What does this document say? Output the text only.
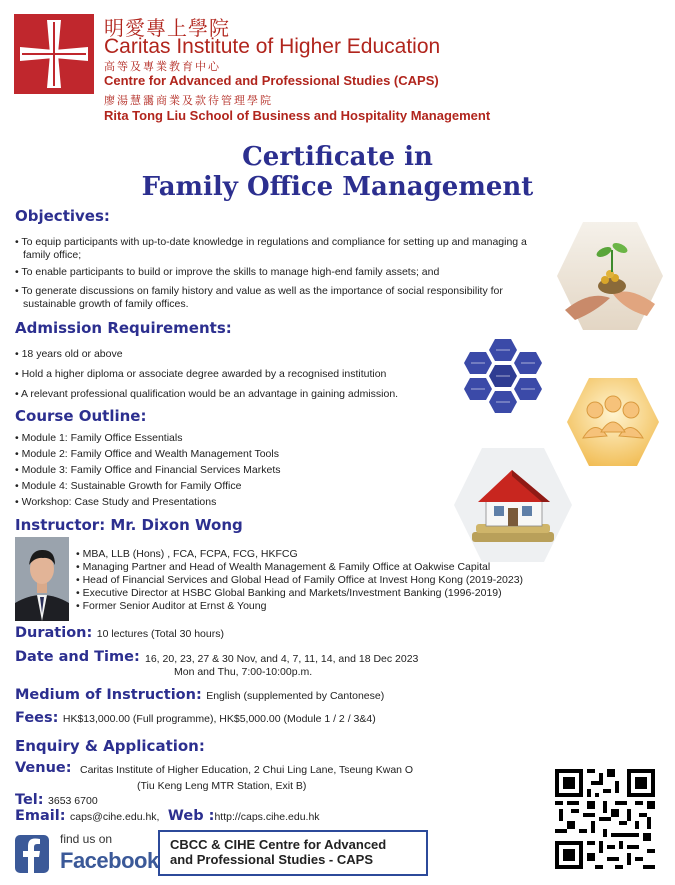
明愛專上學院
Caritas Institute of Higher Education
高等及專業教育中心
Centre for Advanced and Professional Studies (CAPS)
廖湯慧靄商業及款待管理學院
Rita Tong Liu School of Business and Hospitality Management
Certificate in
Family Office Management
Objectives:
• To equip participants with up-to-date knowledge in regulations and compliance for setting up and managing a family office;
• To enable participants to build or improve the skills to manage high-end family assets; and
• To generate discussions on family history and value as well as the importance of social responsibility for sustainable growth of family offices.
Admission Requirements:
• 18 years old or above
• Hold a higher diploma or associate degree awarded by a recognised institution
• A relevant professional qualification would be an advantage in gaining admission.
Course Outline:
• Module 1: Family Office Essentials
• Module 2: Family Office and Wealth Management Tools
• Module 3: Family Office and Financial Services Markets
• Module 4: Sustainable Growth for Family Office
• Workshop: Case Study and Presentations
Instructor: Mr. Dixon Wong
• MBA, LLB (Hons) , FCA, FCPA, FCG, HKFCG
• Managing Partner and Head of Wealth Management & Family Office at Oakwise Capital
• Head of Financial Services and Global Head of Family Office at Invest Hong Kong (2019-2023)
• Executive Director at HSBC Global Banking and Markets/Investment Banking (1996-2019)
• Former Senior Auditor at Ernst & Young
Duration: 10 lectures (Total 30 hours)
Date and Time: 16, 20, 23, 27 & 30 Nov, and 4, 7, 11, 14, and 18 Dec 2023
Mon and Thu, 7:00-10:00p.m.
Medium of Instruction: English (supplemented by Cantonese)
Fees: HK$13,000.00 (Full programme), HK$5,000.00 (Module 1 / 2 / 3&4)
Enquiry & Application:
Venue: Caritas Institute of Higher Education, 2 Chui Ling Lane, Tseung Kwan O
(Tiu Keng Leng MTR Station, Exit B)
Tel: 3653 6700
Email: caps@cihe.edu.hk, Web :http://caps.cihe.edu.hk
find us on
Facebook
CBCC & CIHE Centre for Advanced
and Professional Studies - CAPS
